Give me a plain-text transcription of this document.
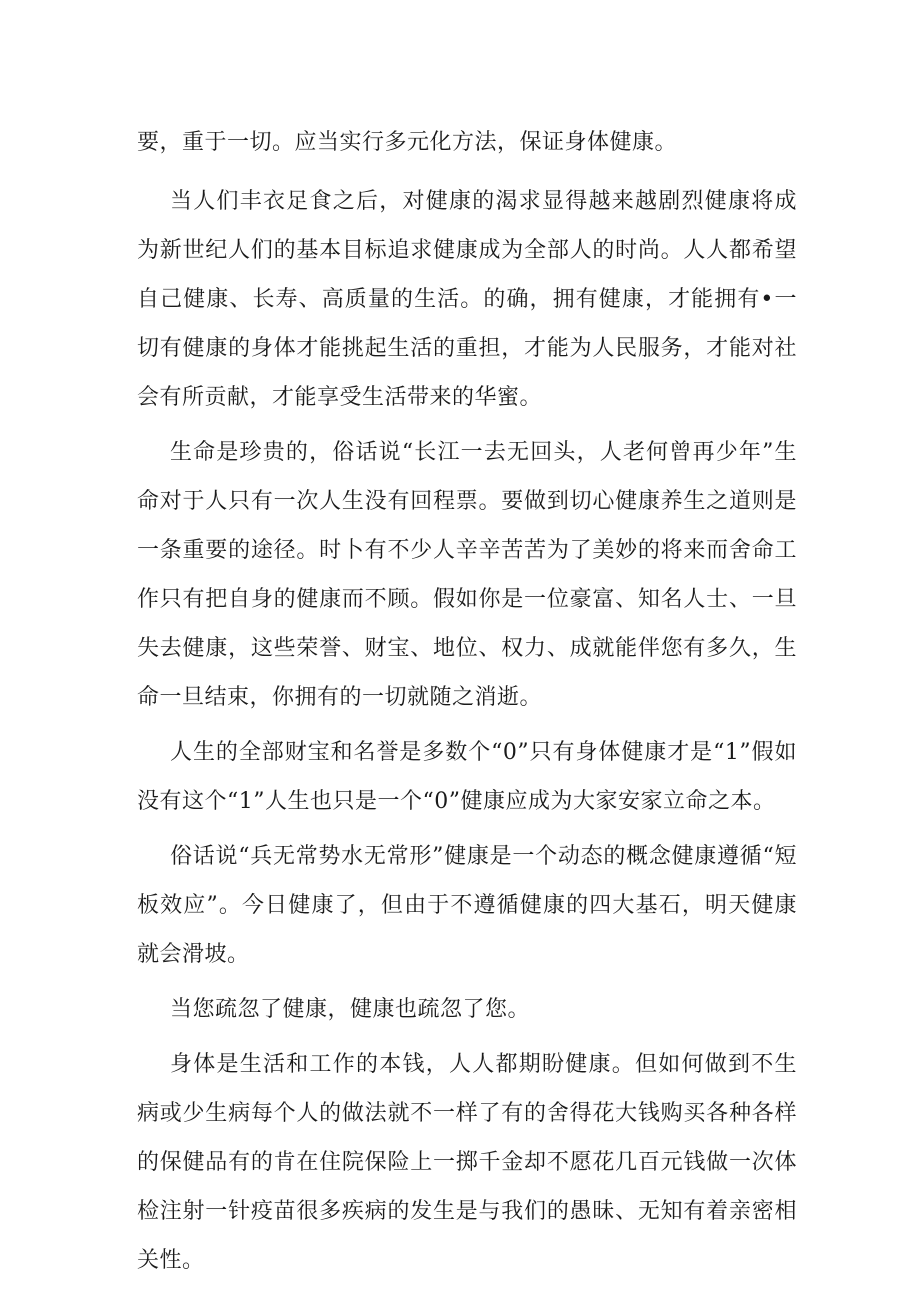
要，重于一切。应当实行多元化方法，保证身体健康。

当人们丰衣足食之后，对健康的渴求显得越来越剧烈健康将成为新世纪人们的基本目标追求健康成为全部人的时尚。人人都希望自己健康、长寿、高质量的生活。的确，拥有健康，才能拥有•一切有健康的身体才能挑起生活的重担，才能为人民服务，才能对社会有所贡献，才能享受生活带来的华蜜。

生命是珍贵的，俗话说“长江一去无回头，人老何曾再少年”生命对于人只有一次人生没有回程票。要做到切心健康养生之道则是一条重要的途径。时卜有不少人辛辛苦苦为了美妙的将来而舍命工作只有把自身的健康而不顾。假如你是一位豪富、知名人士、一旦失去健康，这些荣誉、财宝、地位、权力、成就能伴您有多久，生命一旦结束，你拥有的一切就随之消逝。

人生的全部财宝和名誉是多数个“0”只有身体健康才是“1”假如没有这个“1”人生也只是一个“0”健康应成为大家安家立命之本。

俗话说“兵无常势水无常形”健康是一个动态的概念健康遵循“短板效应”。今日健康了，但由于不遵循健康的四大基石，明天健康就会滑坡。

当您疏忽了健康，健康也疏忽了您。

身体是生活和工作的本钱，人人都期盼健康。但如何做到不生病或少生病每个人的做法就不一样了有的舍得花大钱购买各种各样的保健品有的肯在住院保险上一掷千金却不愿花几百元钱做一次体检注射一针疫苗很多疾病的发生是与我们的愚昧、无知有着亲密相关性。
